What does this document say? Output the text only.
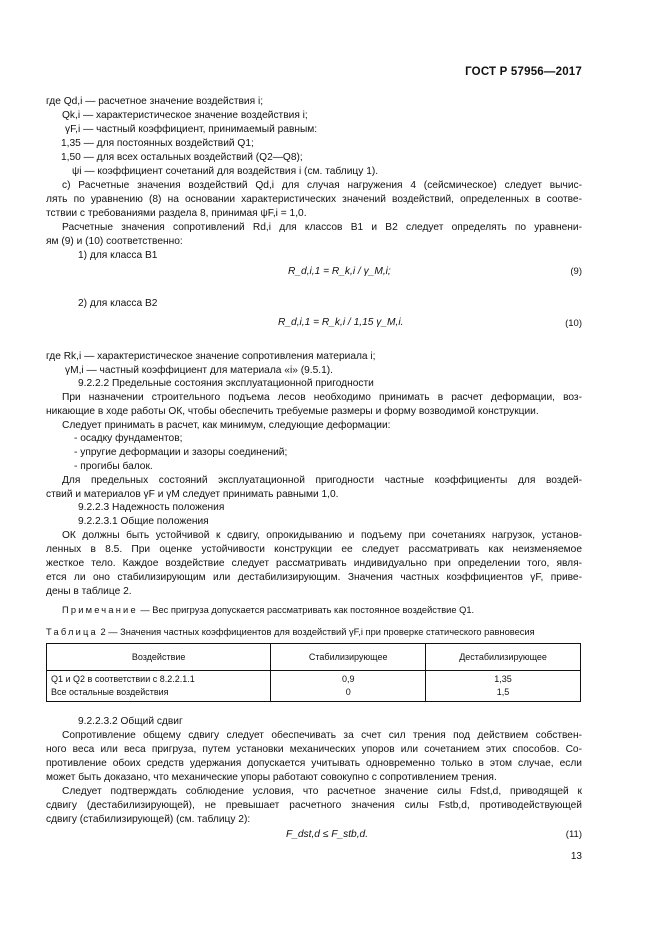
ГОСТ Р 57956—2017
где Qd,i — расчетное значение воздействия i;
Qk,i — характеристическое значение воздействия i;
γF,i — частный коэффициент, принимаемый равным:
1,35 — для постоянных воздействий Q1;
1,50 — для всех остальных воздействий (Q2—Q8);
ψi — коэффициент сочетаний для воздействия i (см. таблицу 1).
с) Расчетные значения воздействий Qd,i для случая нагружения 4 (сейсмическое) следует вычис-
лять по уравнению (8) на основании характеристических значений воздействий, определенных в соотве-
тствии с требованиями раздела 8, принимая ψF,i = 1,0.
Расчетные значения сопротивлений Rd,i для классов В1 и В2 следует определять по уравнени-
ям (9) и (10) соответственно:
1) для класса В1
R_d,i,1 = R_k,i / γ_M,i;	(9)
2) для класса В2
R_d,i,1 = R_k,i / 1,15 γ_M,i.	(10)
где Rk,i — характеристическое значение сопротивления материала i;
γM,i — частный коэффициент для материала «i» (9.5.1).
9.2.2.2 Предельные состояния эксплуатационной пригодности
При назначении строительного подъема лесов необходимо принимать в расчет деформации, воз-
никающие в ходе работы ОК, чтобы обеспечить требуемые размеры и форму возводимой конструкции.
Следует принимать в расчет, как минимум, следующие деформации:
- осадку фундаментов;
- упругие деформации и зазоры соединений;
- прогибы балок.
Для предельных состояний эксплуатационной пригодности частные коэффициенты для воздей-
ствий и материалов γF и γM следует принимать равными 1,0.
9.2.2.3 Надежность положения
9.2.2.3.1 Общие положения
ОК должны быть устойчивой к сдвигу, опрокидыванию и подъему при сочетаниях нагрузок, установ-
ленных в 8.5. При оценке устойчивости конструкции ее следует рассматривать как неизменяемое
жесткое тело. Каждое воздействие следует рассматривать индивидуально при определении того, явля-
ется ли оно стабилизирующим или дестабилизирующим. Значения частных коэффициентов γF, приве-
дены в таблице 2.
Примечание — Вес пригруза допускается рассматривать как постоянное воздействие Q1.
Таблица 2 — Значения частных коэффициентов для воздействий γF,i при проверке статического равновесия
Воздействие	Стабилизирующее	Дестабилизирующее
Q1 и Q2 в соответствии с 8.2.2.1.1	0,9	1,35
Все остальные воздействия	0	1,5
9.2.2.3.2 Общий сдвиг
Сопротивление общему сдвигу следует обеспечивать за счет сил трения под действием собствен-
ного веса или веса пригруза, путем установки механических упоров или сочетанием этих способов. Со-
противление обоих средств удержания допускается учитывать одновременно только в этом случае, если
может быть доказано, что механические упоры работают совокупно с сопротивлением трения.
Следует подтверждать соблюдение условия, что расчетное значение силы Fdst,d, приводящей к
сдвигу (дестабилизирующей), не превышает расчетного значения силы Fstb,d, противодействующей
сдвигу (стабилизирующей) (см. таблицу 2):
F_dst,d ≤ F_stb,d.	(11)
13
